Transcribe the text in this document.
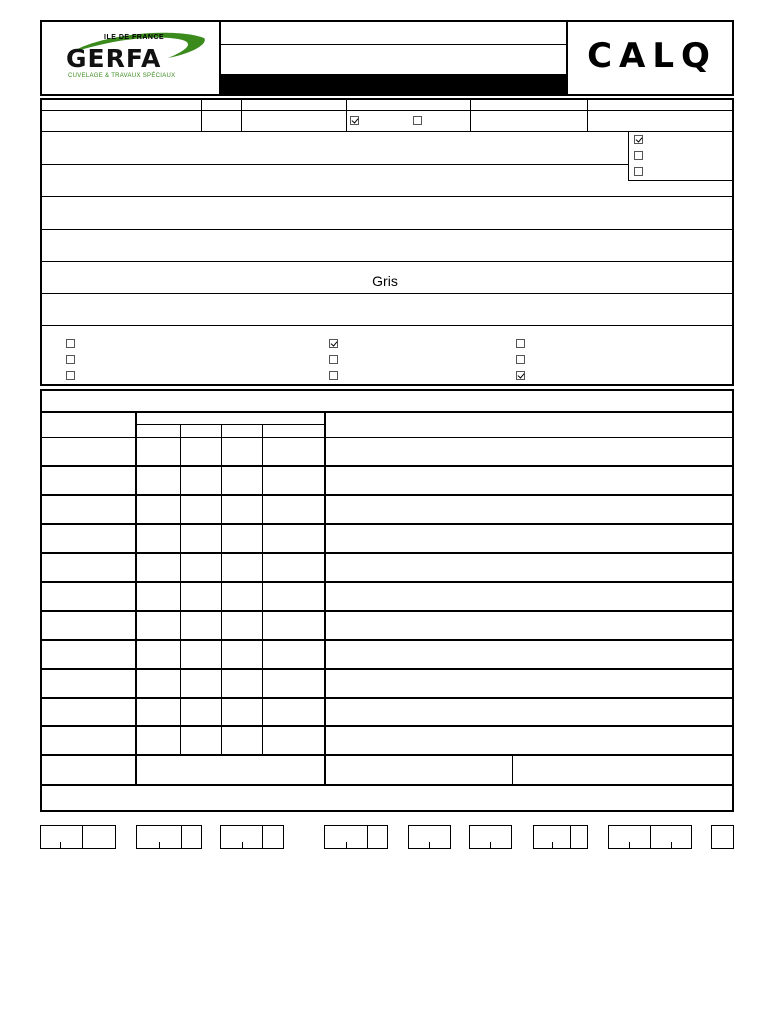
ILE DE FRANCE
GERFA
CUVELAGE & TRAVAUX SPÉCIAUX	CALQ
Gris
